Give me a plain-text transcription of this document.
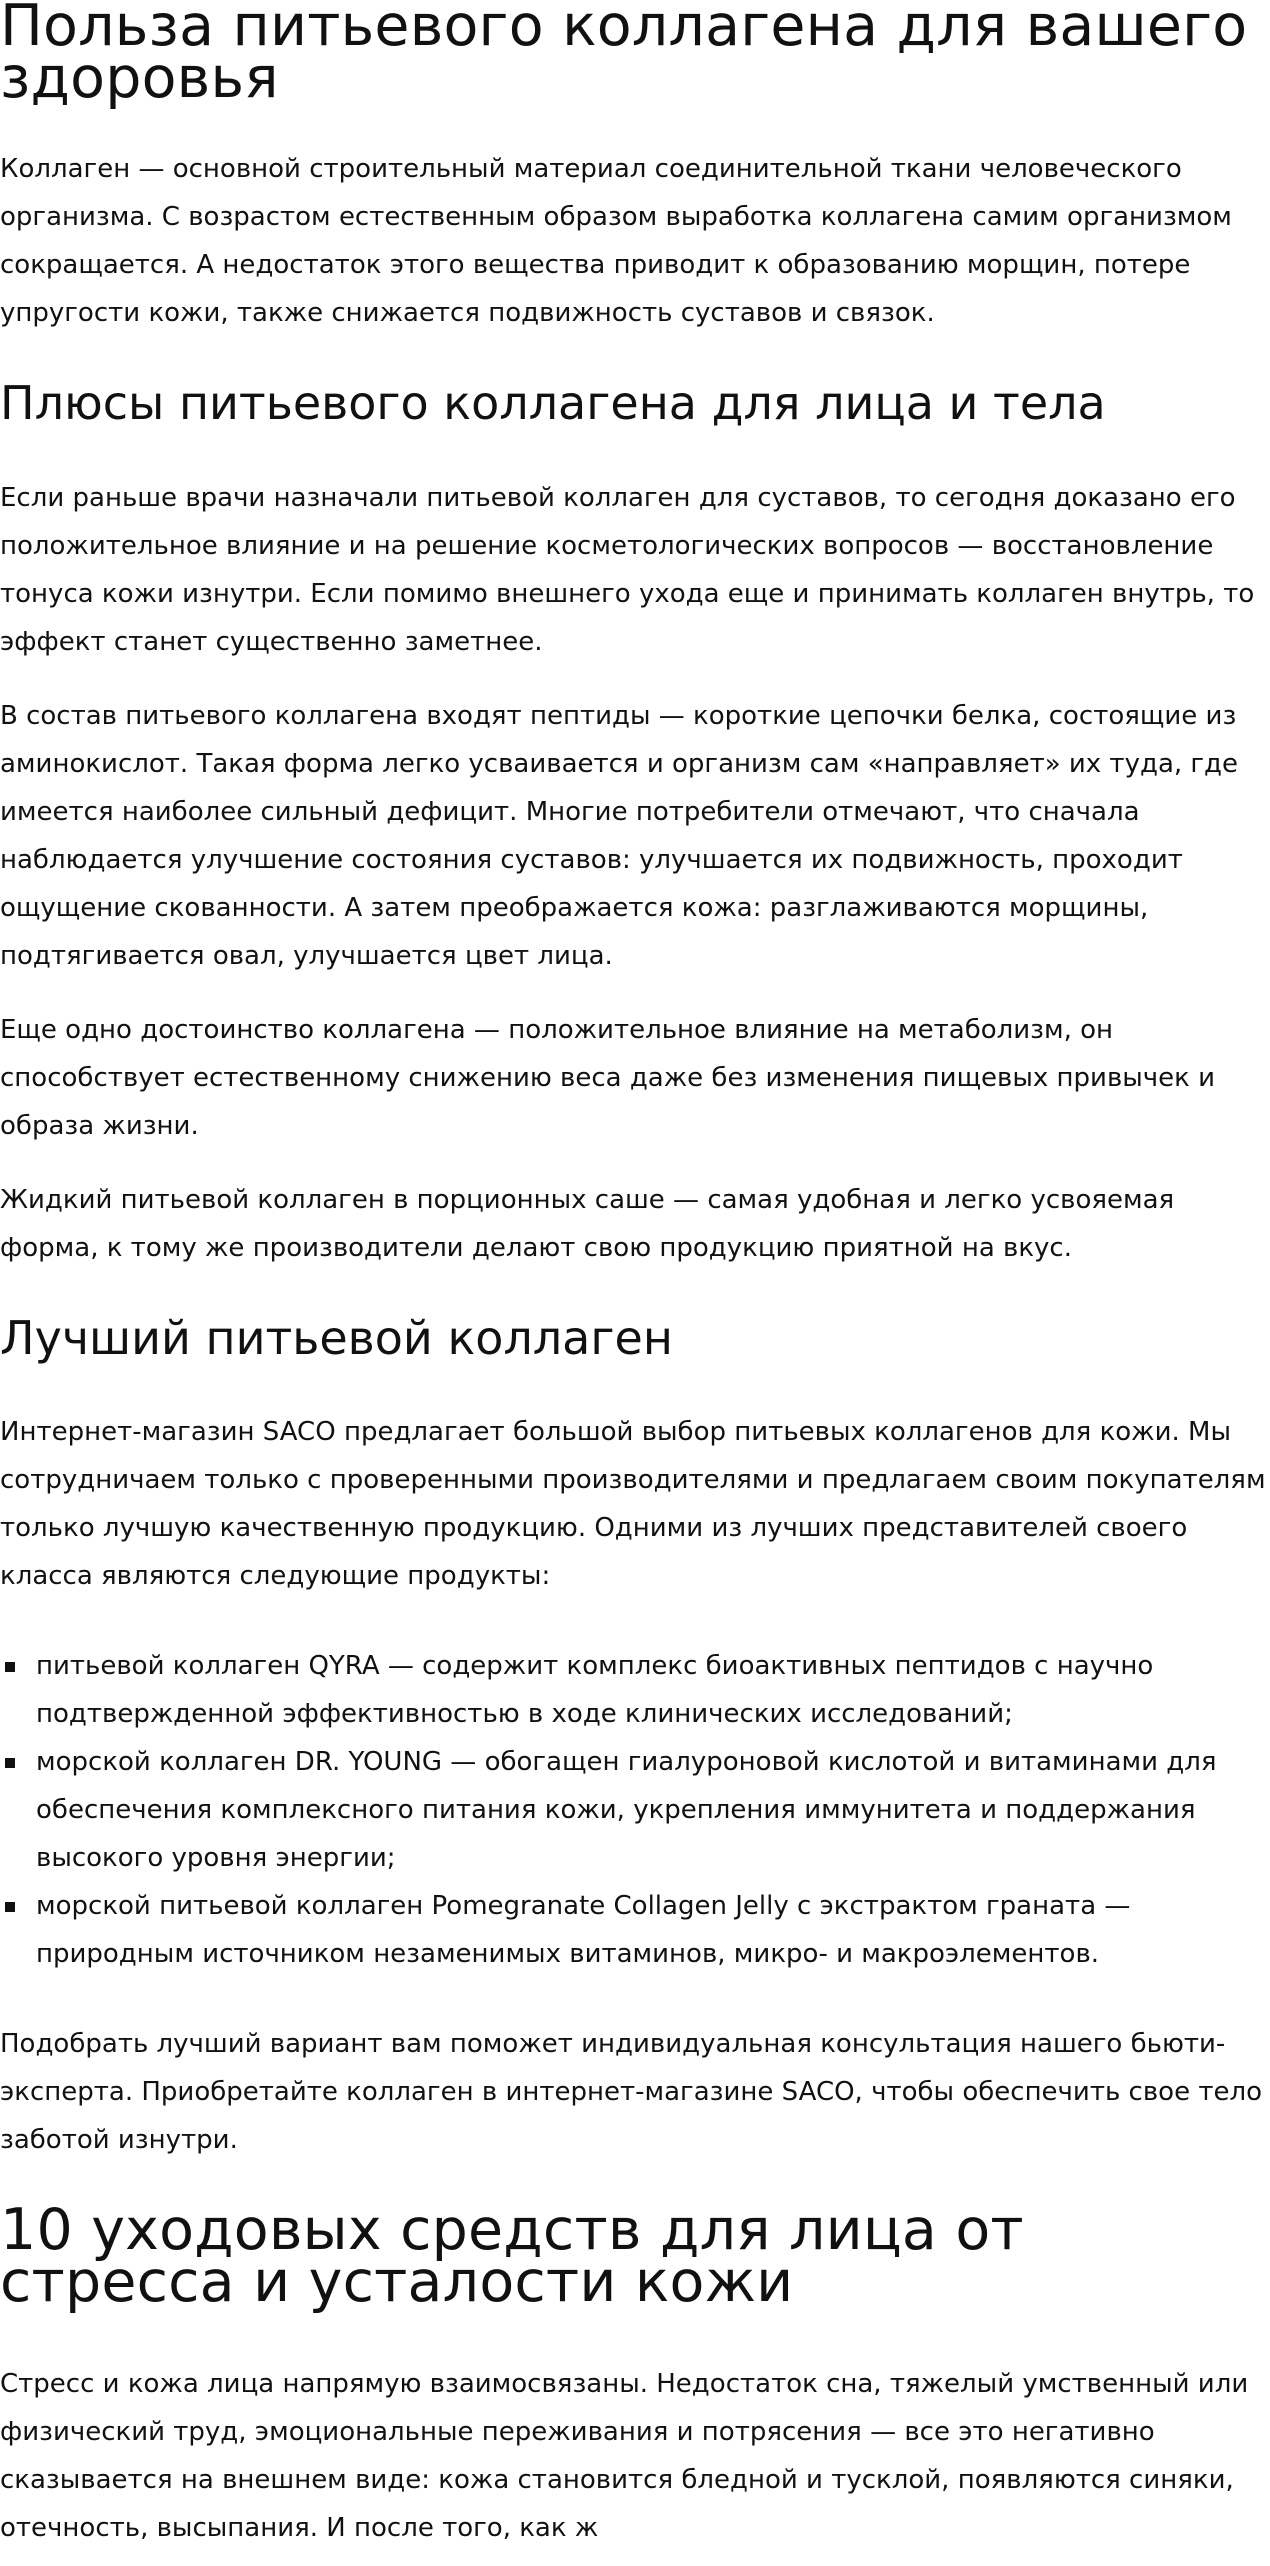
Польза питьевого коллагена для вашего здоровья

Коллаген — основной строительный материал соединительной ткани человеческого организма. С возрастом естественным образом выработка коллагена самим организмом сокращается. А недостаток этого вещества приводит к образованию морщин, потере упругости кожи, также снижается подвижность суставов и связок.

Плюсы питьевого коллагена для лица и тела

Если раньше врачи назначали питьевой коллаген для суставов, то сегодня доказано его положительное влияние и на решение косметологических вопросов — восстановление тонуса кожи изнутри. Если помимо внешнего ухода еще и принимать коллаген внутрь, то эффект станет существенно заметнее.

В состав питьевого коллагена входят пептиды — короткие цепочки белка, состоящие из аминокислот. Такая форма легко усваивается и организм сам «направляет» их туда, где имеется наиболее сильный дефицит. Многие потребители отмечают, что сначала наблюдается улучшение состояния суставов: улучшается их подвижность, проходит ощущение скованности. А затем преображается кожа: разглаживаются морщины, подтягивается овал, улучшается цвет лица.

Еще одно достоинство коллагена — положительное влияние на метаболизм, он способствует естественному снижению веса даже без изменения пищевых привычек и образа жизни.

Жидкий питьевой коллаген в порционных саше — самая удобная и легко усвояемая форма, к тому же производители делают свою продукцию приятной на вкус.

Лучший питьевой коллаген

Интернет-магазин SACO предлагает большой выбор питьевых коллагенов для кожи. Мы сотрудничаем только с проверенными производителями и предлагаем своим покупателям только лучшую качественную продукцию. Одними из лучших представителей своего класса являются следующие продукты:

питьевой коллаген QYRA — содержит комплекс биоактивных пептидов с научно подтвержденной эффективностью в ходе клинических исследований;
морской коллаген DR. YOUNG — обогащен гиалуроновой кислотой и витаминами для обеспечения комплексного питания кожи, укрепления иммунитета и поддержания высокого уровня энергии;
морской питьевой коллаген Pomegranate Collagen Jelly с экстрактом граната — природным источником незаменимых витаминов, микро- и макроэлементов.

Подобрать лучший вариант вам поможет индивидуальная консультация нашего бьюти-эксперта. Приобретайте коллаген в интернет-магазине SACO, чтобы обеспечить свое тело заботой изнутри.

10 уходовых средств для лица от стресса и усталости кожи

Стресс и кожа лица напрямую взаимосвязаны. Недостаток сна, тяжелый умственный или физический труд, эмоциональные переживания и потрясения — все это негативно сказывается на внешнем виде: кожа становится бледной и тусклой, появляются синяки, отечность, высыпания. И после того, как ж
